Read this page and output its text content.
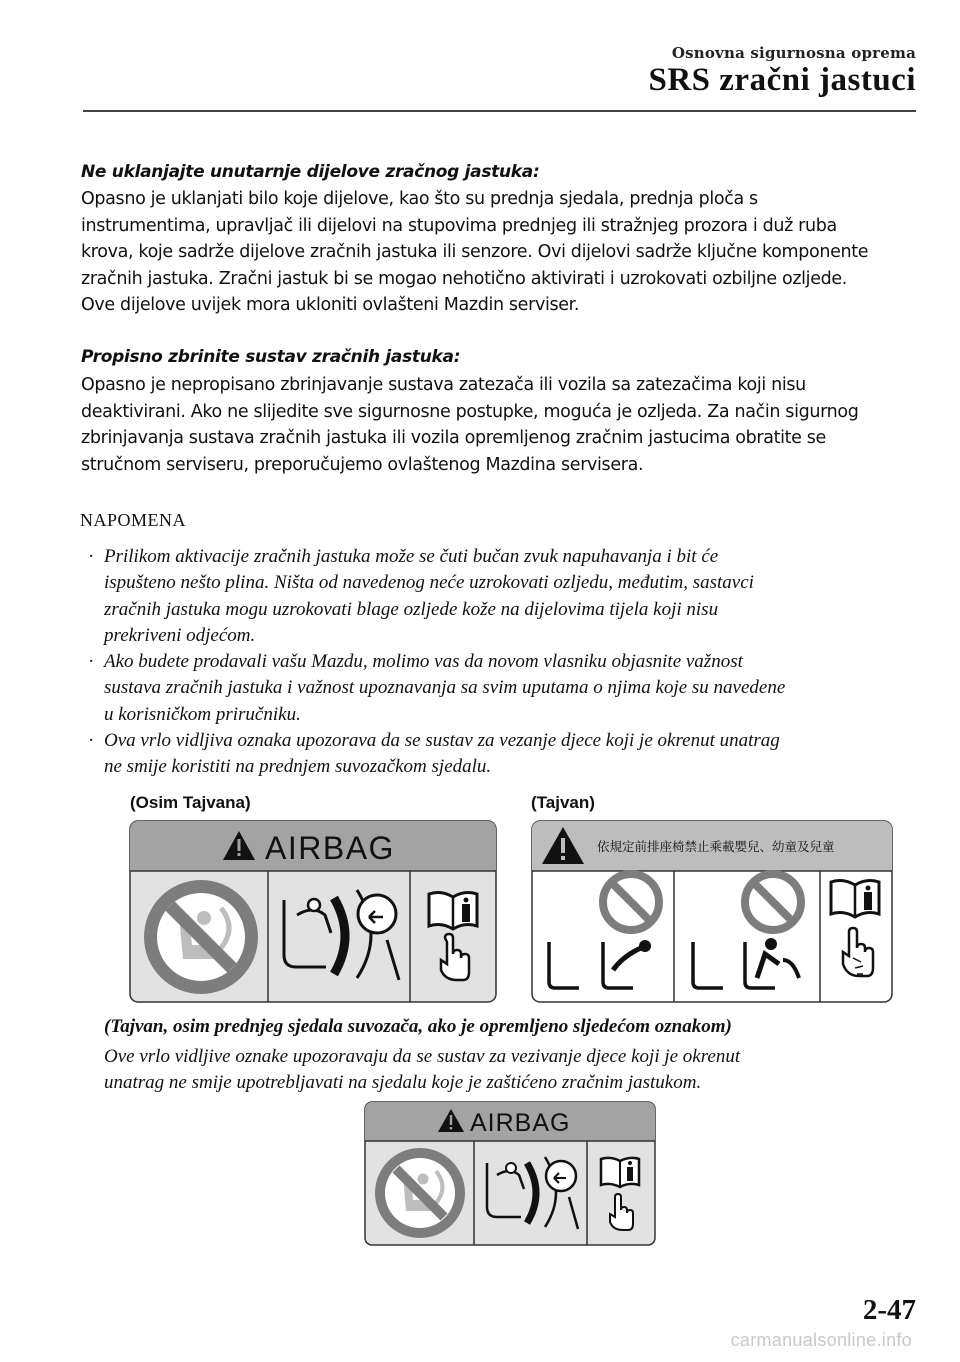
Osnovna sigurnosna oprema
SRS zračni jastuci
Ne uklanjajte unutarnje dijelove zračnog jastuka:
Opasno je uklanjati bilo koje dijelove, kao što su prednja sjedala, prednja ploča s
instrumentima, upravljač ili dijelovi na stupovima prednjeg ili stražnjeg prozora i duž ruba
krova, koje sadrže dijelove zračnih jastuka ili senzore. Ovi dijelovi sadrže ključne komponente
zračnih jastuka. Zračni jastuk bi se mogao nehotično aktivirati i uzrokovati ozbiljne ozljede.
Ove dijelove uvijek mora ukloniti ovlašteni Mazdin serviser.
Propisno zbrinite sustav zračnih jastuka:
Opasno je nepropisano zbrinjavanje sustava zatezača ili vozila sa zatezačima koji nisu
deaktivirani. Ako ne slijedite sve sigurnosne postupke, moguća je ozljeda. Za način sigurnog
zbrinjavanja sustava zračnih jastuka ili vozila opremljenog zračnim jastucima obratite se
stručnom serviseru, preporučujemo ovlaštenog Mazdina servisera.
NAPOMENA
· Prilikom aktivacije zračnih jastuka može se čuti bučan zvuk napuhavanja i bit će
ispušteno nešto plina. Ništa od navedenog neće uzrokovati ozljedu, međutim, sastavci
zračnih jastuka mogu uzrokovati blage ozljede kože na dijelovima tijela koji nisu
prekriveni odjećom.
· Ako budete prodavali vašu Mazdu, molimo vas da novom vlasniku objasnite važnost
sustava zračnih jastuka i važnost upoznavanja sa svim uputama o njima koje su navedene
u korisničkom priručniku.
· Ova vrlo vidljiva oznaka upozorava da se sustav za vezanje djece koji je okrenut unatrag
ne smije koristiti na prednjem suvozačkom sjedalu.
(Osim Tajvana)	(Tajvan)
AIRBAG	依規定前排座椅禁止乘載嬰兒、幼童及兒童
(Tajvan, osim prednjeg sjedala suvozača, ako je opremljeno sljedećom oznakom)
Ove vrlo vidljive oznake upozoravaju da se sustav za vezivanje djece koji je okrenut
unatrag ne smije upotrebljavati na sjedalu koje je zaštićeno zračnim jastukom.
AIRBAG
2-47
carmanualsonline.info
